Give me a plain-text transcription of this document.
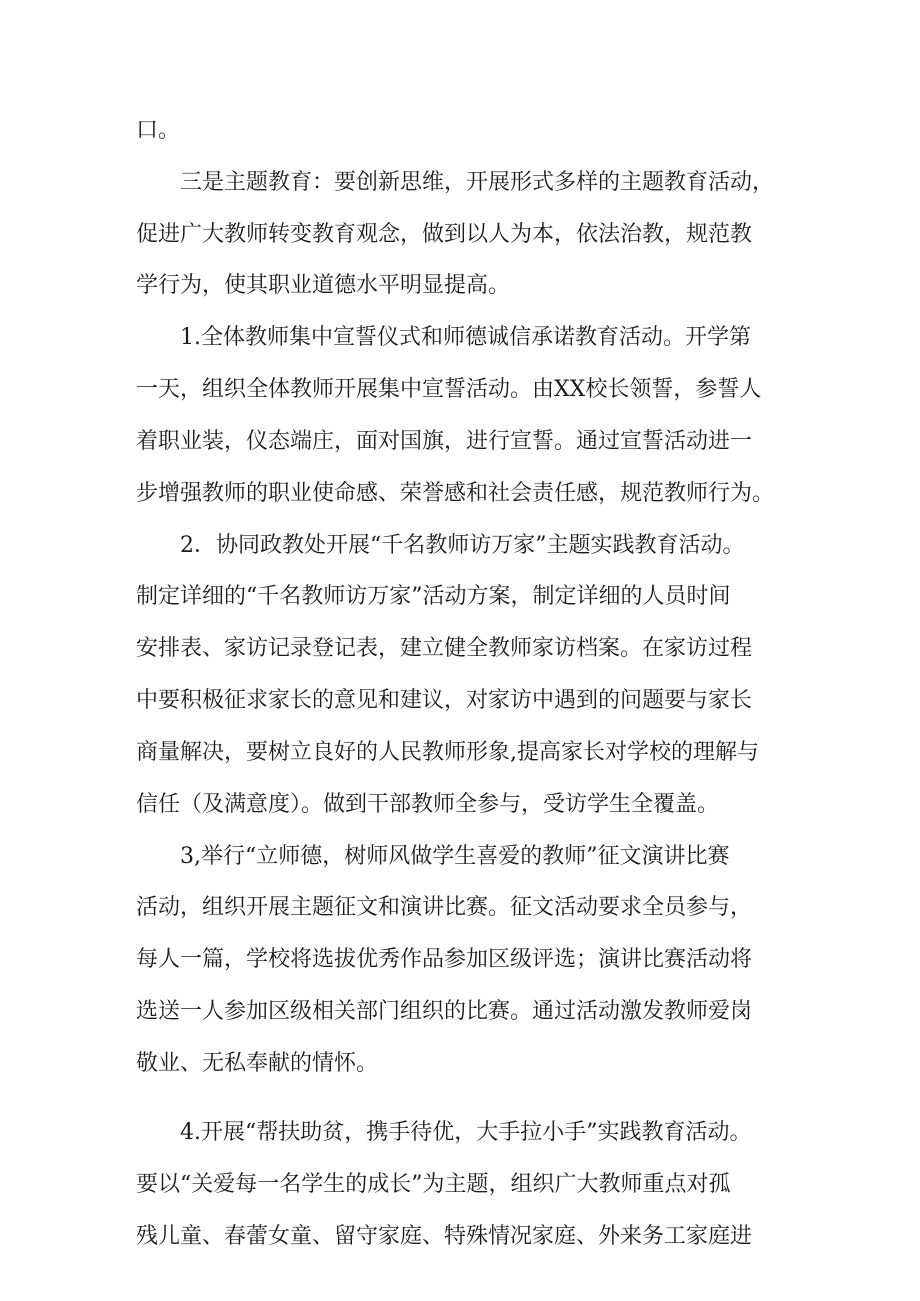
口。
三是主题教育：要创新思维，开展形式多样的主题教育活动，
促进广大教师转变教育观念，做到以人为本，依法治教，规范教
学行为，使其职业道德水平明显提高。
1.全体教师集中宣誓仪式和师德诚信承诺教育活动。开学第
一天，组织全体教师开展集中宣誓活动。由XX校长领誓，参誓人
着职业装，仪态端庄，面对国旗，进行宣誓。通过宣誓活动进一
步增强教师的职业使命感、荣誉感和社会责任感，规范教师行为。
2．协同政教处开展“千名教师访万家”主题实践教育活动。
制定详细的“千名教师访万家”活动方案，制定详细的人员时间
安排表、家访记录登记表，建立健全教师家访档案。在家访过程
中要积极征求家长的意见和建议，对家访中遇到的问题要与家长
商量解决，要树立良好的人民教师形象,提高家长对学校的理解与
信任（及满意度）。做到干部教师全参与，受访学生全覆盖。
3,举行“立师德，树师风做学生喜爱的教师”征文演讲比赛
活动，组织开展主题征文和演讲比赛。征文活动要求全员参与，
每人一篇，学校将选拔优秀作品参加区级评选；演讲比赛活动将
选送一人参加区级相关部门组织的比赛。通过活动激发教师爱岗
敬业、无私奉献的情怀。
4.开展“帮扶助贫，携手待优，大手拉小手”实践教育活动。
要以“关爱每一名学生的成长”为主题，组织广大教师重点对孤
残儿童、春蕾女童、留守家庭、特殊情况家庭、外来务工家庭进
